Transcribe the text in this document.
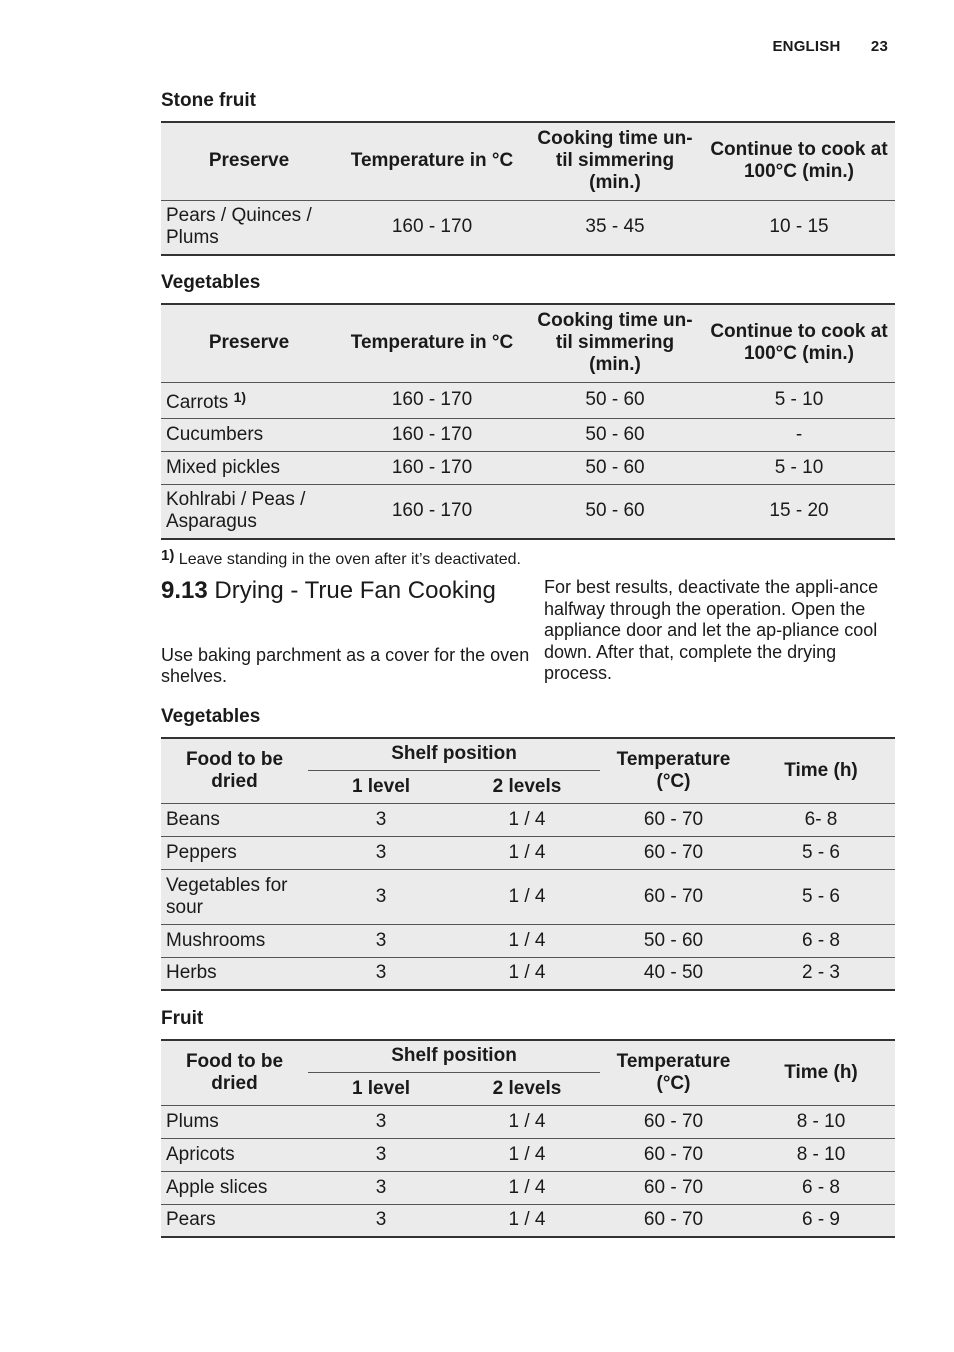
ENGLISH 23
Stone fruit
Preserve	Temperature in °C	Cooking time un-til simmering (min.)	Continue to cook at 100°C (min.)
Pears / Quinces / Plums	160 - 170	35 - 45	10 - 15
Vegetables
Preserve	Temperature in °C	Cooking time un-til simmering (min.)	Continue to cook at 100°C (min.)
Carrots $^{1)}$	160 - 170	50 - 60	5 - 10
Cucumbers	160 - 170	50 - 60	-
Mixed pickles	160 - 170	50 - 60	5 - 10
Kohlrabi / Peas / Asparagus	160 - 170	50 - 60	15 - 20
1) Leave standing in the oven after it’s deactivated.
9.13 Drying - True Fan Cooking
Use baking parchment as a cover for the oven shelves.
For best results, deactivate the appli-ance halfway through the operation. Open the appliance door and let the ap-pliance cool down. After that, complete the drying process.
Vegetables
Food to be dried	Shelf position		Temperature (°C)	Time (h)
	1 level	2 levels		
Beans	3	1 / 4	60 - 70	6- 8
Peppers	3	1 / 4	60 - 70	5 - 6
Vegetables for sour	3	1 / 4	60 - 70	5 - 6
Mushrooms	3	1 / 4	50 - 60	6 - 8
Herbs	3	1 / 4	40 - 50	2 - 3
Fruit
Food to be dried	Shelf position		Temperature (°C)	Time (h)
	1 level	2 levels		
Plums	3	1 / 4	60 - 70	8 - 10
Apricots	3	1 / 4	60 - 70	8 - 10
Apple slices	3	1 / 4	60 - 70	6 - 8
Pears	3	1 / 4	60 - 70	6 - 9
